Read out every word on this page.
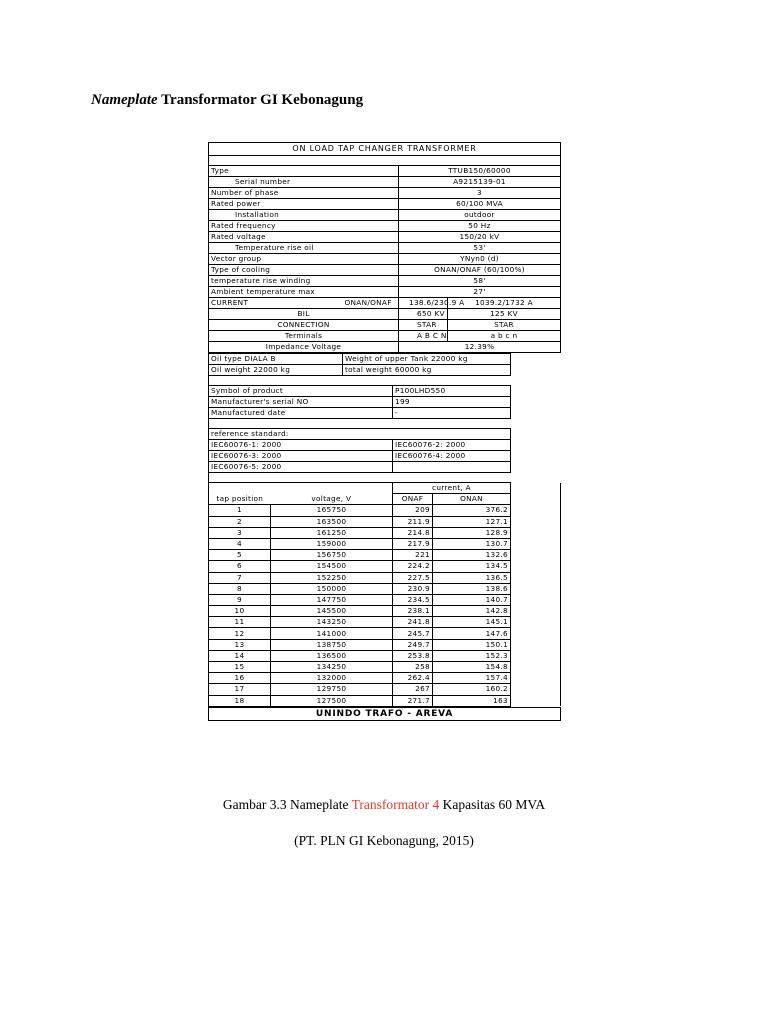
Nameplate Transformator GI Kebonagung
ON LOAD TAP CHANGER TRANSFORMER
Type		TTUB150/60000	
Serial number		A9215139-01	
Number of phase		3	
Rated power		60/100 MVA	
Installation		outdoor	
Rated frequency		50 Hz	
Rated voltage		150/20 kV	
Temperature rise oil		53'	
Vector group		YNyn0 (d)	
Type of cooling		ONAN/ONAF (60/100%)	
temperature rise winding		58'	
Ambient temperature max		27'	
CURRENT	ONAN/ONAF	138.6/230.9 A	1039.2/1732 A
BIL		650 KV	125 KV
CONNECTION		STAR	STAR
Terminals		A B C N	a b c n
Impedance Voltage		12.39%	
Oil type DIALA B	Weight of upper Tank 22000 kg	
Oil weight 22000 kg	total weight 60000 kg	
Symbol of product	P100LHD550	
Manufacturer's serial NO	199	
Manufactured date	-	
reference standard:		
IEC60076-1: 2000	IEC60076-2: 2000	
IEC60076-3: 2000	IEC60076-4: 2000	
IEC60076-5: 2000		
tap position voltage, V		current, A		
		ONAF	ONAN	
1	165750	209	376.2	
2	163500	211.9	127.1	
3	161250	214.8	128.9	
4	159000	217.9	130.7	
5	156750	221	132.6	
6	154500	224.2	134.5	
7	152250	227.5	136.5	
8	150000	230.9	138.6	
9	147750	234.5	140.7	
10	145500	238.1	142.8	
11	143250	241.8	145.1	
12	141000	245.7	147.6	
13	138750	249.7	150.1	
14	136500	253.8	152.3	
15	134250	258	154.8	
16	132000	262.4	157.4	
17	129750	267	160.2	
18	127500	271.7	163	
UNINDO TRAFO - AREVA
Gambar 3.3 Nameplate Transformator 4 Kapasitas 60 MVA
(PT. PLN GI Kebonagung, 2015)
